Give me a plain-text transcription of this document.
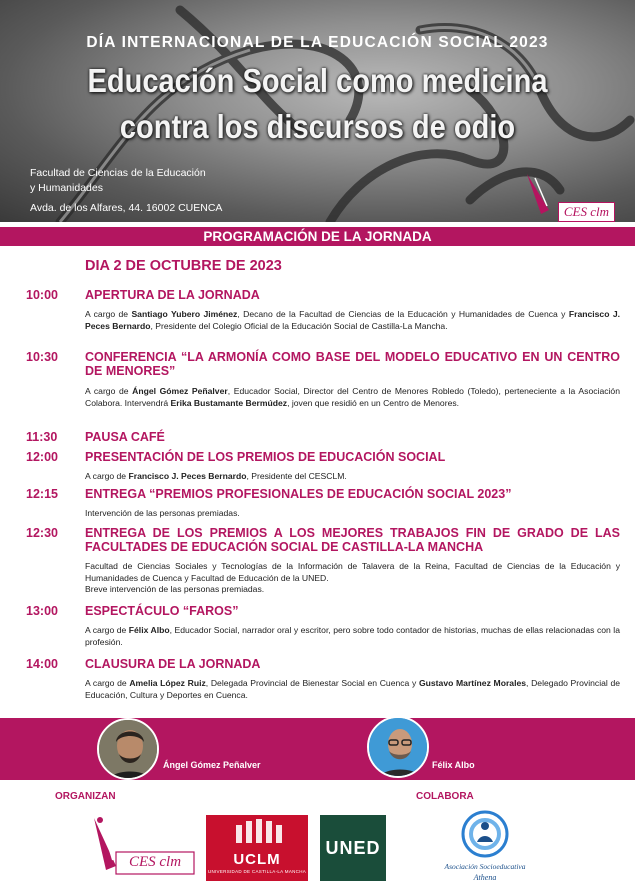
DÍA INTERNACIONAL DE LA EDUCACIÓN SOCIAL 2023
Educación Social como medicina
contra los discursos de odio
Facultad de Ciencias de la Educación
y Humanidades
Avda. de los Alfares, 44. 16002 CUENCA	CES clm
PROGRAMACIÓN DE LA JORNADA
DIA 2 DE OCTUBRE DE 2023
10:00 APERTURA DE LA JORNADA
A cargo de Santiago Yubero Jiménez, Decano de la Facultad de Ciencias de la Educación y Humanidades de Cuenca y Francisco J. Peces Bernardo, Presidente del Colegio Oficial de la Educación Social de Castilla-La Mancha.
10:30 CONFERENCIA “LA ARMONÍA COMO BASE DEL MODELO EDUCATIVO EN UN CENTRO DE MENORES”
A cargo de Ángel Gómez Peñalver, Educador Social, Director del Centro de Menores Robledo (Toledo), perteneciente a la Asociación Colabora. Intervendrá Erika Bustamante Bermúdez, joven que residió en un Centro de Menores.
11:30 PAUSA CAFÉ
12:00 PRESENTACIÓN DE LOS PREMIOS DE EDUCACIÓN SOCIAL
A cargo de Francisco J. Peces Bernardo, Presidente del CESCLM.
12:15 ENTREGA “PREMIOS PROFESIONALES DE EDUCACIÓN SOCIAL 2023”
Intervención de las personas premiadas.
12:30 ENTREGA DE LOS PREMIOS A LOS MEJORES TRABAJOS FIN DE GRADO DE LAS FACULTADES DE EDUCACIÓN SOCIAL DE CASTILLA-LA MANCHA
Facultad de Ciencias Sociales y Tecnologías de la Información de Talavera de la Reina, Facultad de Ciencias de la Educación y Humanidades de Cuenca y Facultad de Educación de la UNED.
Breve intervención de las personas premiadas.
13:00 ESPECTÁCULO “FAROS”
A cargo de Félix Albo, Educador Social, narrador oral y escritor, pero sobre todo contador de historias, muchas de ellas relacionadas con la profesión.
14:00 CLAUSURA DE LA JORNADA
A cargo de Amelia López Ruiz, Delegada Provincial de Bienestar Social en Cuenca y Gustavo Martínez Morales, Delegado Provincial de Educación, Cultura y Deportes en Cuenca.
Ángel Gómez Peñalver	Félix Albo
ORGANIZAN	COLABORA
CES clm	UCLM
UNIVERSIDAD DE CASTILLA-LA MANCHA
UNED
Asociación Socioeducativa
Athena
